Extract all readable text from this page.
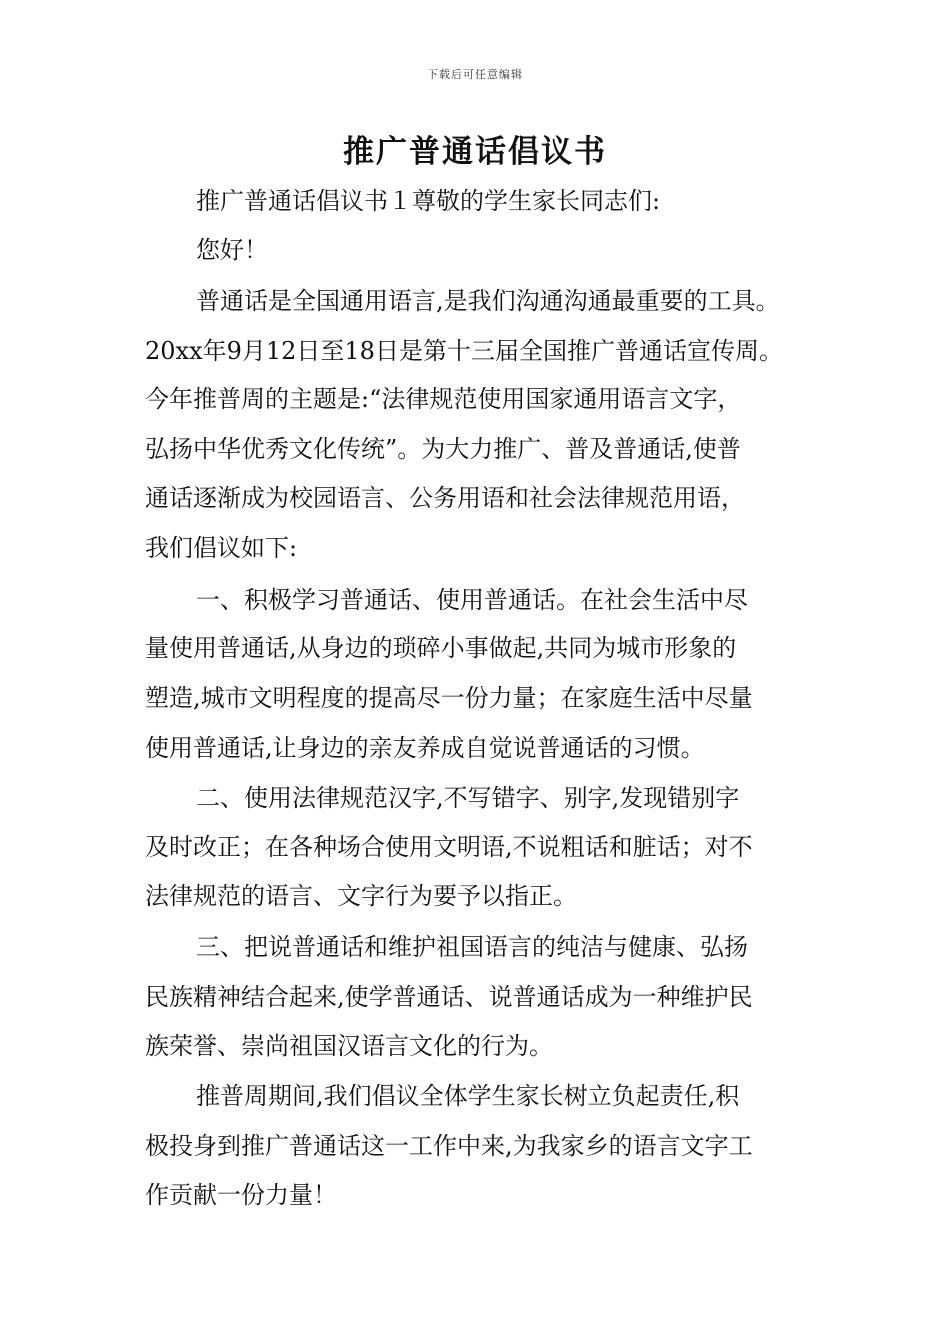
下载后可任意编辑
推广普通话倡议书
推广普通话倡议书１尊敬的学生家长同志们:
您好！
普通话是全国通用语言,是我们沟通沟通最重要的工具。
20xx年9月12日至18日是第十三届全国推广普通话宣传周。
今年推普周的主题是:“法律规范使用国家通用语言文字，
弘扬中华优秀文化传统”。为大力推广、普及普通话,使普
通话逐渐成为校园语言、公务用语和社会法律规范用语，
我们倡议如下:
一、积极学习普通话、使用普通话。在社会生活中尽
量使用普通话,从身边的琐碎小事做起,共同为城市形象的
塑造,城市文明程度的提高尽一份力量；在家庭生活中尽量
使用普通话,让身边的亲友养成自觉说普通话的习惯。
二、使用法律规范汉字,不写错字、别字,发现错别字
及时改正；在各种场合使用文明语,不说粗话和脏话；对不
法律规范的语言、文字行为要予以指正。
三、把说普通话和维护祖国语言的纯洁与健康、弘扬
民族精神结合起来,使学普通话、说普通话成为一种维护民
族荣誉、崇尚祖国汉语言文化的行为。
推普周期间,我们倡议全体学生家长树立负起责任,积
极投身到推广普通话这一工作中来,为我家乡的语言文字工
作贡献一份力量！
